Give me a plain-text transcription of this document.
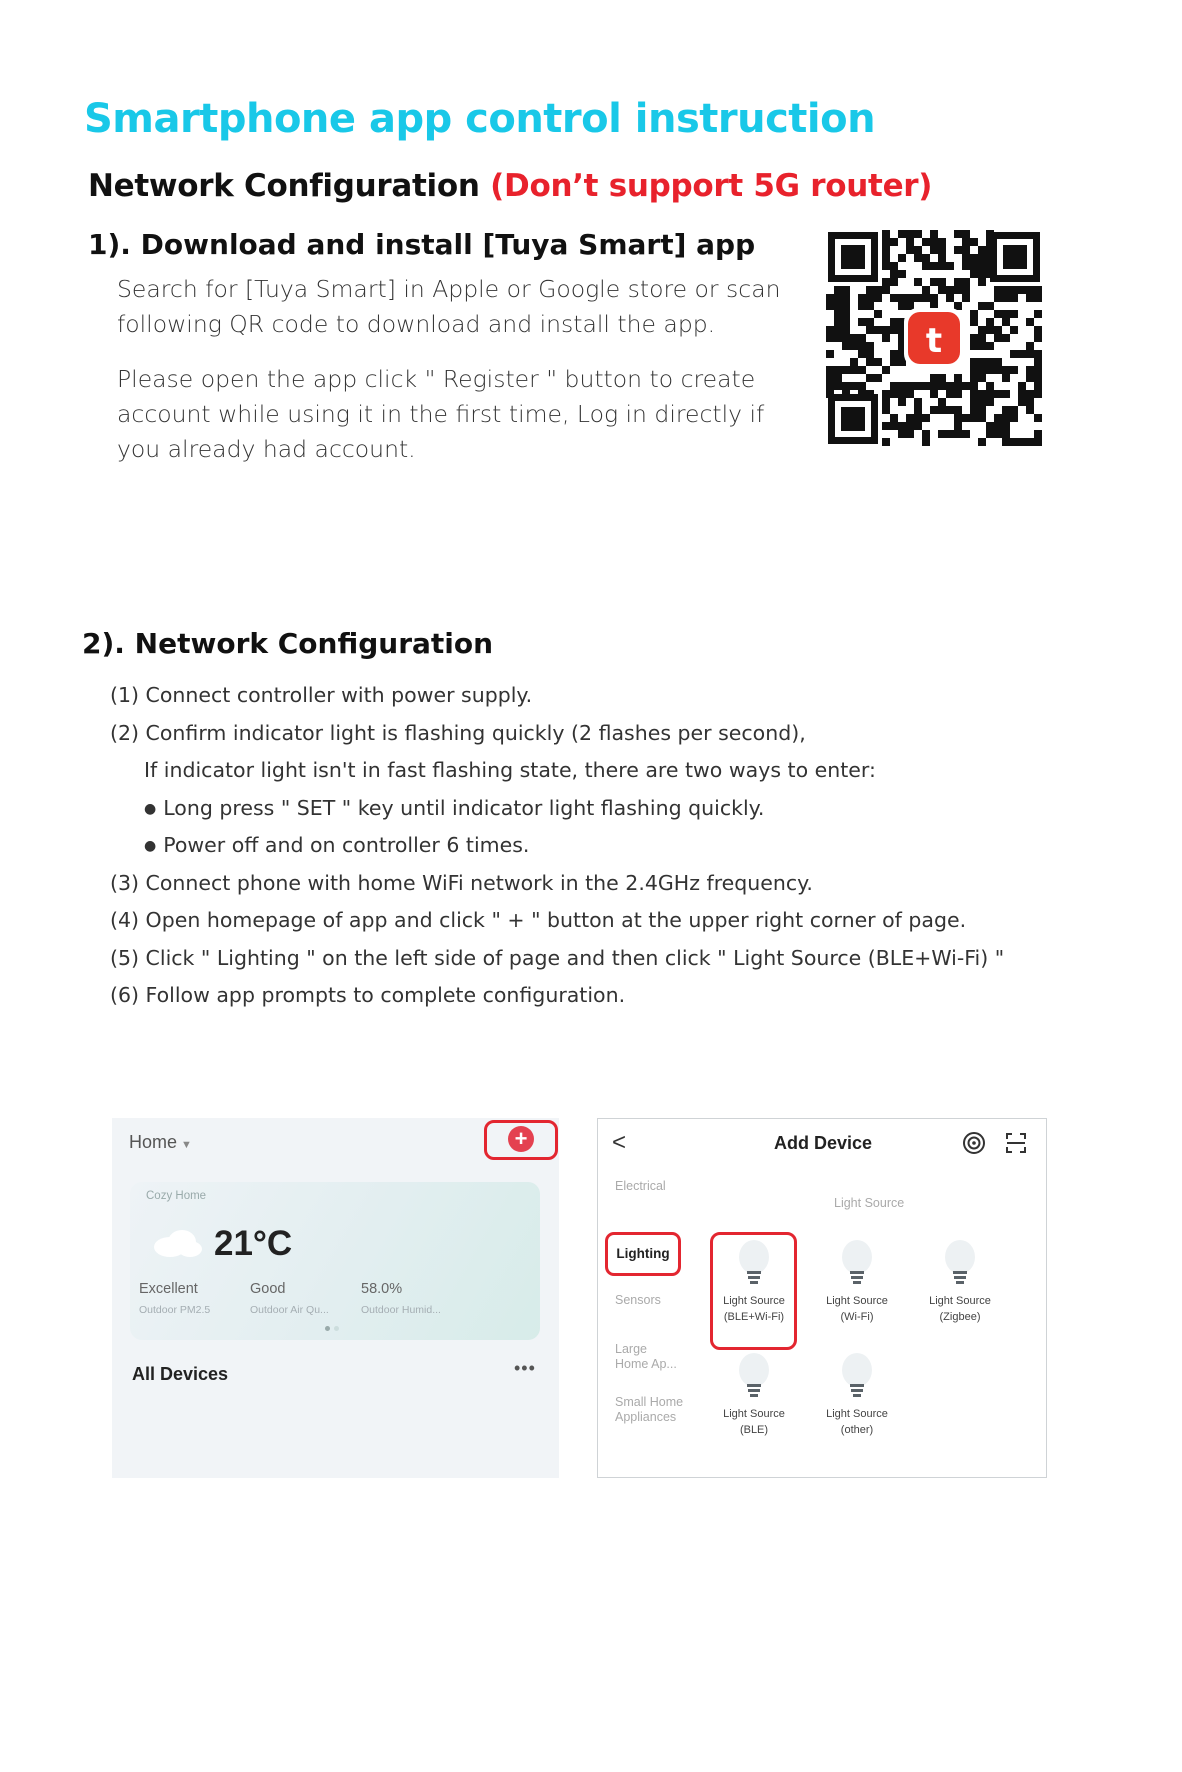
Smartphone app control instruction
Network Configuration (Don’t support 5G router)
1). Download and install [Tuya Smart] app
Search for [Tuya Smart] in Apple or Google store or scan following QR code to download and install the app.
Please open the app click " Register " button to create account while using it in the first time, Log in directly if you already had account.
t
2). Network Configuration
(1) Connect controller with power supply.
(2) Confirm indicator light is flashing quickly (2 flashes per second),
If indicator light isn't in fast flashing state, there are two ways to enter:
● Long press " SET " key until indicator light flashing quickly.
● Power off and on controller 6 times.
(3) Connect phone with home WiFi network in the 2.4GHz frequency.
(4) Open homepage of app and click " + " button at the upper right corner of page.
(5) Click " Lighting " on the left side of page and then click " Light Source (BLE+Wi-Fi) "
(6) Follow app prompts to complete configuration.
Home ▼	+
Cozy Home
21°C
Excellent
Outdoor PM2.5
Good
Outdoor Air Qu...
58.0%
Outdoor Humid...
All Devices	•••
<	Add Device
Electrical
Lighting
Sensors
Large
Home Ap...
Small Home
Appliances
Light Source
Light Source
(BLE+Wi-Fi)
Light Source
(Wi-Fi)
Light Source
(Zigbee)
Light Source
(BLE)
Light Source
(other)
